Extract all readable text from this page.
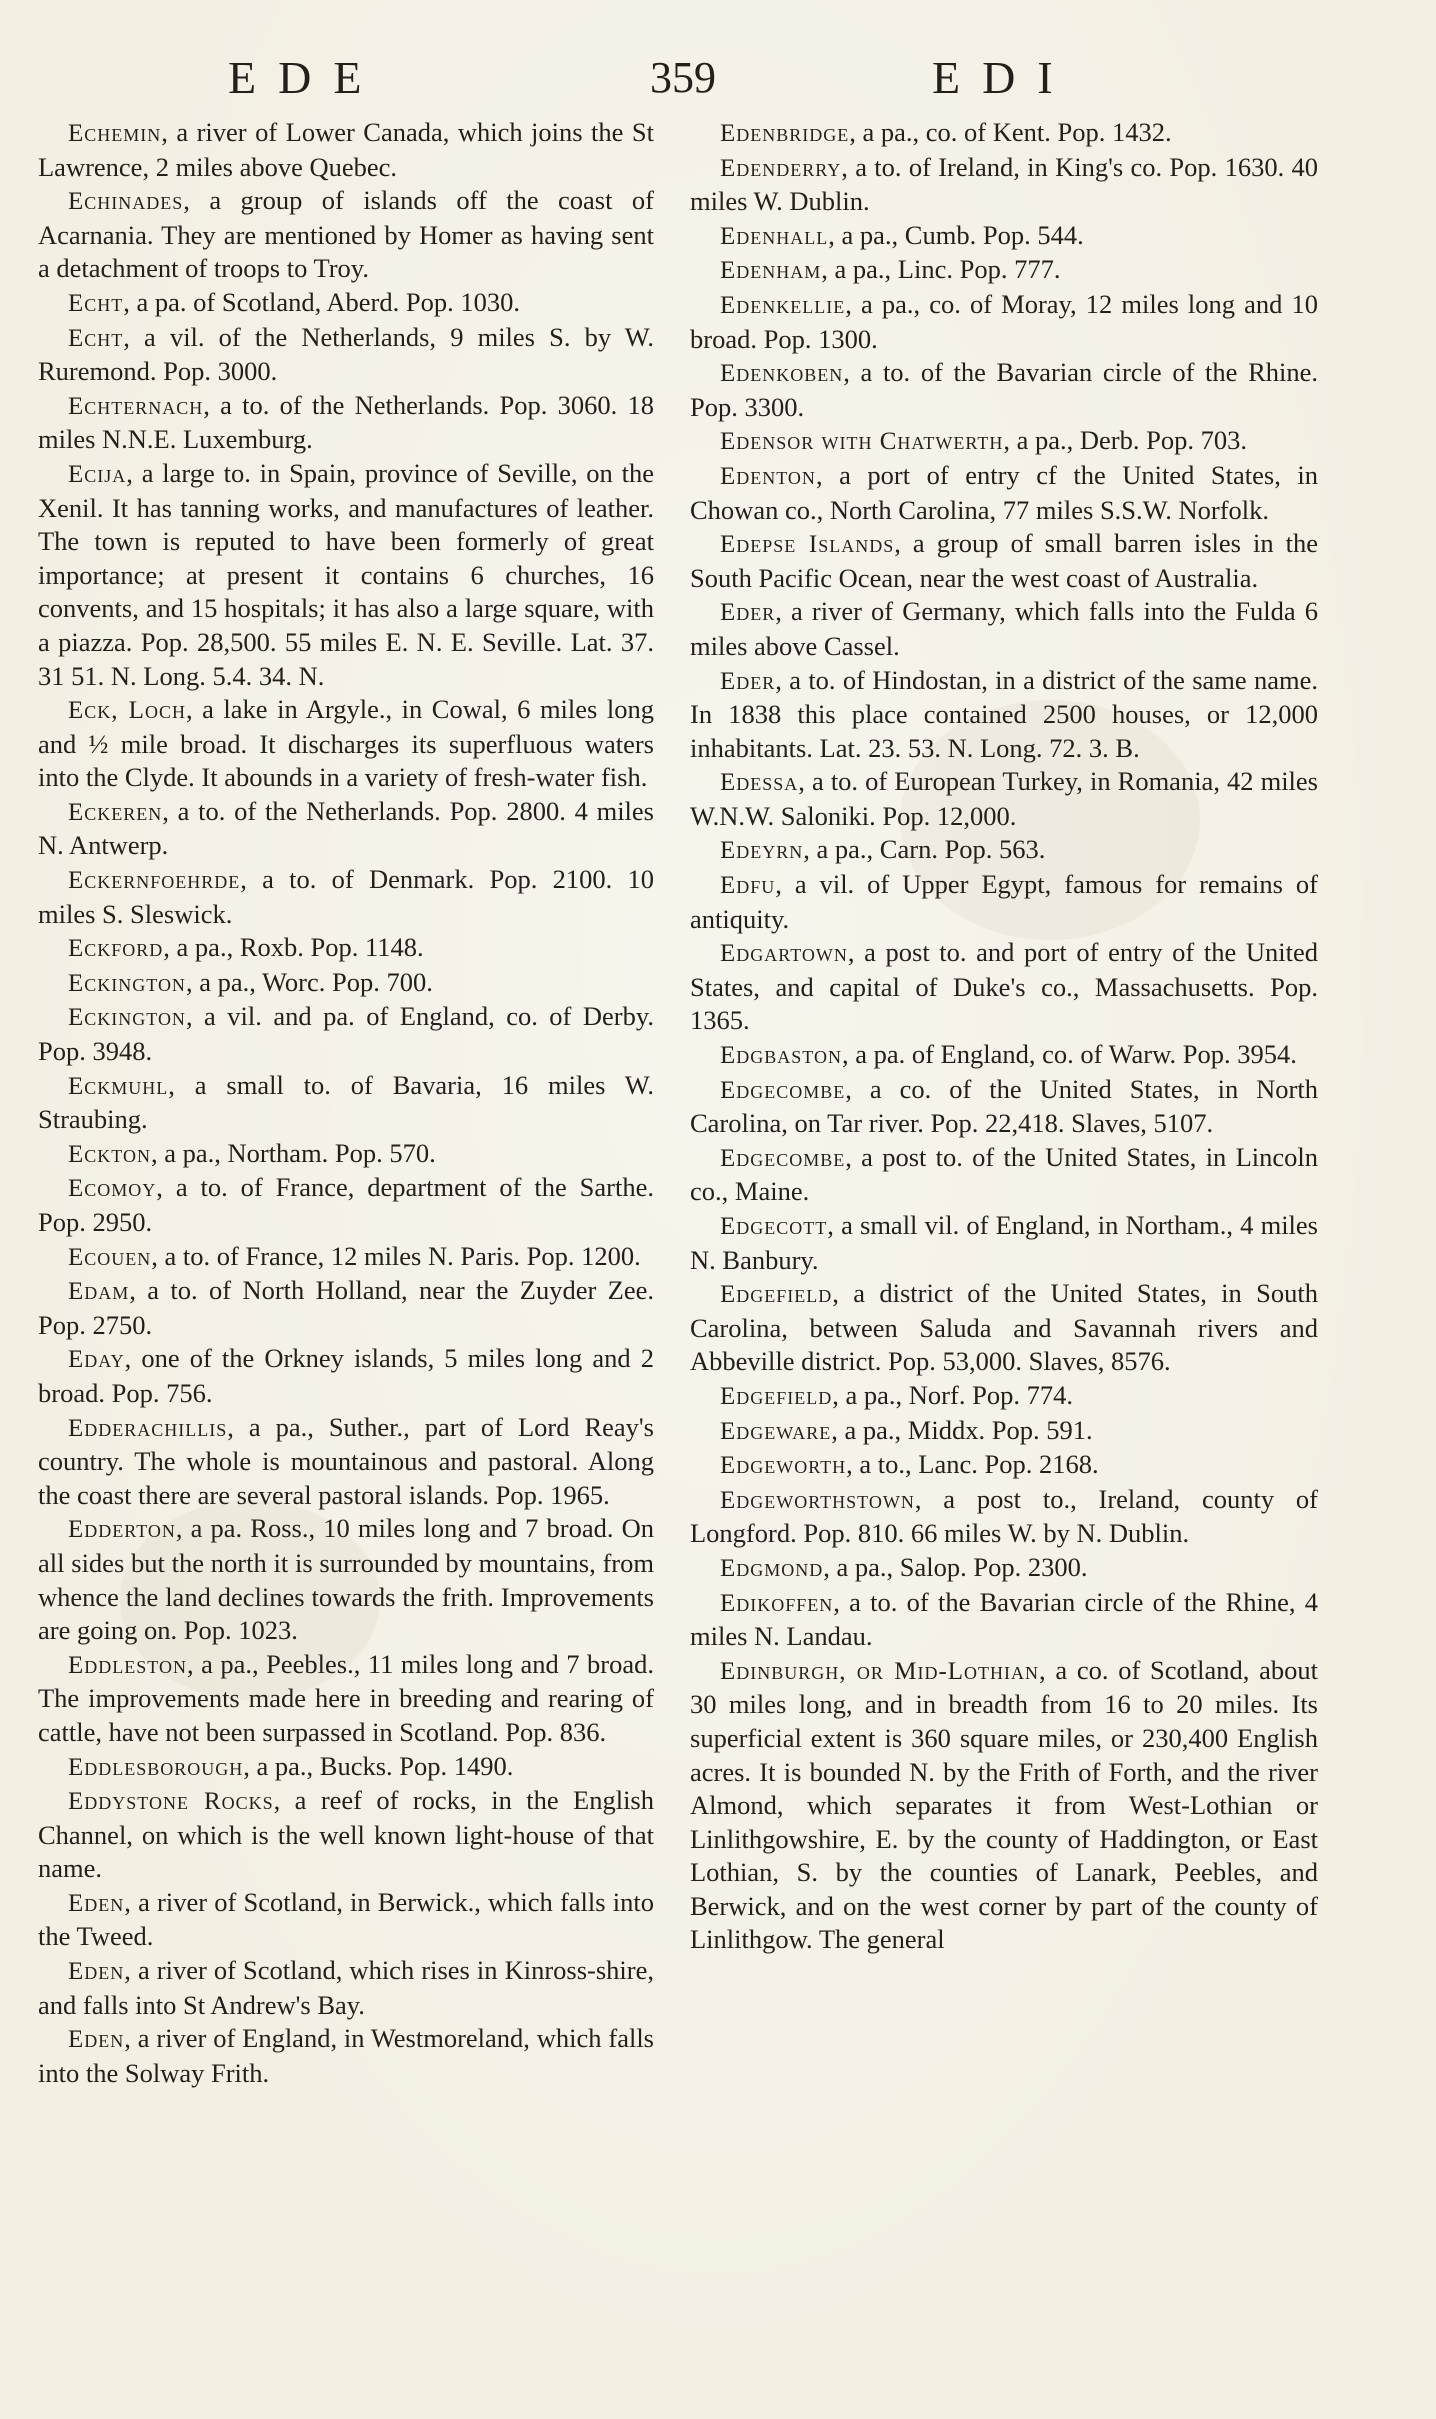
EDE	359	EDI

Echemin, a river of Lower Canada, which joins the St Lawrence, 2 miles above Quebec.

Echinades, a group of islands off the coast of Acarnania. They are mentioned by Homer as having sent a detachment of troops to Troy.

Echt, a pa. of Scotland, Aberd. Pop. 1030.

Echt, a vil. of the Netherlands, 9 miles S. by W. Ruremond. Pop. 3000.

Echternach, a to. of the Netherlands. Pop. 3060. 18 miles N.N.E. Luxemburg.

Ecija, a large to. in Spain, province of Seville, on the Xenil. It has tanning works, and manufactures of leather. The town is reputed to have been formerly of great importance; at present it contains 6 churches, 16 convents, and 15 hospitals; it has also a large square, with a piazza. Pop. 28,500. 55 miles E. N. E. Seville. Lat. 37. 31 51. N. Long. 5.4. 34. N.

Eck, Loch, a lake in Argyle., in Cowal, 6 miles long and ½ mile broad. It discharges its superfluous waters into the Clyde. It abounds in a variety of fresh-water fish.

Eckeren, a to. of the Netherlands. Pop. 2800. 4 miles N. Antwerp.

Eckernfoehrde, a to. of Denmark. Pop. 2100. 10 miles S. Sleswick.

Eckford, a pa., Roxb. Pop. 1148.

Eckington, a pa., Worc. Pop. 700.

Eckington, a vil. and pa. of England, co. of Derby. Pop. 3948.

Eckmuhl, a small to. of Bavaria, 16 miles W. Straubing.

Eckton, a pa., Northam. Pop. 570.

Ecomoy, a to. of France, department of the Sarthe. Pop. 2950.

Ecouen, a to. of France, 12 miles N. Paris. Pop. 1200.

Edam, a to. of North Holland, near the Zuyder Zee. Pop. 2750.

Eday, one of the Orkney islands, 5 miles long and 2 broad. Pop. 756.

Edderachillis, a pa., Suther., part of Lord Reay's country. The whole is mountainous and pastoral. Along the coast there are several pastoral islands. Pop. 1965.

Edderton, a pa. Ross., 10 miles long and 7 broad. On all sides but the north it is surrounded by mountains, from whence the land declines towards the frith. Improvements are going on. Pop. 1023.

Eddleston, a pa., Peebles., 11 miles long and 7 broad. The improvements made here in breeding and rearing of cattle, have not been surpassed in Scotland. Pop. 836.

Eddlesborough, a pa., Bucks. Pop. 1490.

Eddystone Rocks, a reef of rocks, in the English Channel, on which is the well known light-house of that name.

Eden, a river of Scotland, in Berwick., which falls into the Tweed.

Eden, a river of Scotland, which rises in Kinross-shire, and falls into St Andrew's Bay.

Eden, a river of England, in Westmoreland, which falls into the Solway Frith.

Edenbridge, a pa., co. of Kent. Pop. 1432.

Edenderry, a to. of Ireland, in King's co. Pop. 1630. 40 miles W. Dublin.

Edenhall, a pa., Cumb. Pop. 544.

Edenham, a pa., Linc. Pop. 777.

Edenkellie, a pa., co. of Moray, 12 miles long and 10 broad. Pop. 1300.

Edenkoben, a to. of the Bavarian circle of the Rhine. Pop. 3300.

Edensor with Chatwerth, a pa., Derb. Pop. 703.

Edenton, a port of entry cf the United States, in Chowan co., North Carolina, 77 miles S.S.W. Norfolk.

Edepse Islands, a group of small barren isles in the South Pacific Ocean, near the west coast of Australia.

Eder, a river of Germany, which falls into the Fulda 6 miles above Cassel.

Eder, a to. of Hindostan, in a district of the same name. In 1838 this place contained 2500 houses, or 12,000 inhabitants. Lat. 23. 53. N. Long. 72. 3. B.

Edessa, a to. of European Turkey, in Romania, 42 miles W.N.W. Saloniki. Pop. 12,000.

Edeyrn, a pa., Carn. Pop. 563.

Edfu, a vil. of Upper Egypt, famous for remains of antiquity.

Edgartown, a post to. and port of entry of the United States, and capital of Duke's co., Massachusetts. Pop. 1365.

Edgbaston, a pa. of England, co. of Warw. Pop. 3954.

Edgecombe, a co. of the United States, in North Carolina, on Tar river. Pop. 22,418. Slaves, 5107.

Edgecombe, a post to. of the United States, in Lincoln co., Maine.

Edgecott, a small vil. of England, in Northam., 4 miles N. Banbury.

Edgefield, a district of the United States, in South Carolina, between Saluda and Savannah rivers and Abbeville district. Pop. 53,000. Slaves, 8576.

Edgefield, a pa., Norf. Pop. 774.

Edgeware, a pa., Middx. Pop. 591.

Edgeworth, a to., Lanc. Pop. 2168.

Edgeworthstown, a post to., Ireland, county of Longford. Pop. 810. 66 miles W. by N. Dublin.

Edgmond, a pa., Salop. Pop. 2300.

Edikoffen, a to. of the Bavarian circle of the Rhine, 4 miles N. Landau.

Edinburgh, or Mid-Lothian, a co. of Scotland, about 30 miles long, and in breadth from 16 to 20 miles. Its superficial extent is 360 square miles, or 230,400 English acres. It is bounded N. by the Frith of Forth, and the river Almond, which separates it from West-Lothian or Linlithgowshire, E. by the county of Haddington, or East Lothian, S. by the counties of Lanark, Peebles, and Berwick, and on the west corner by part of the county of Linlithgow. The general
